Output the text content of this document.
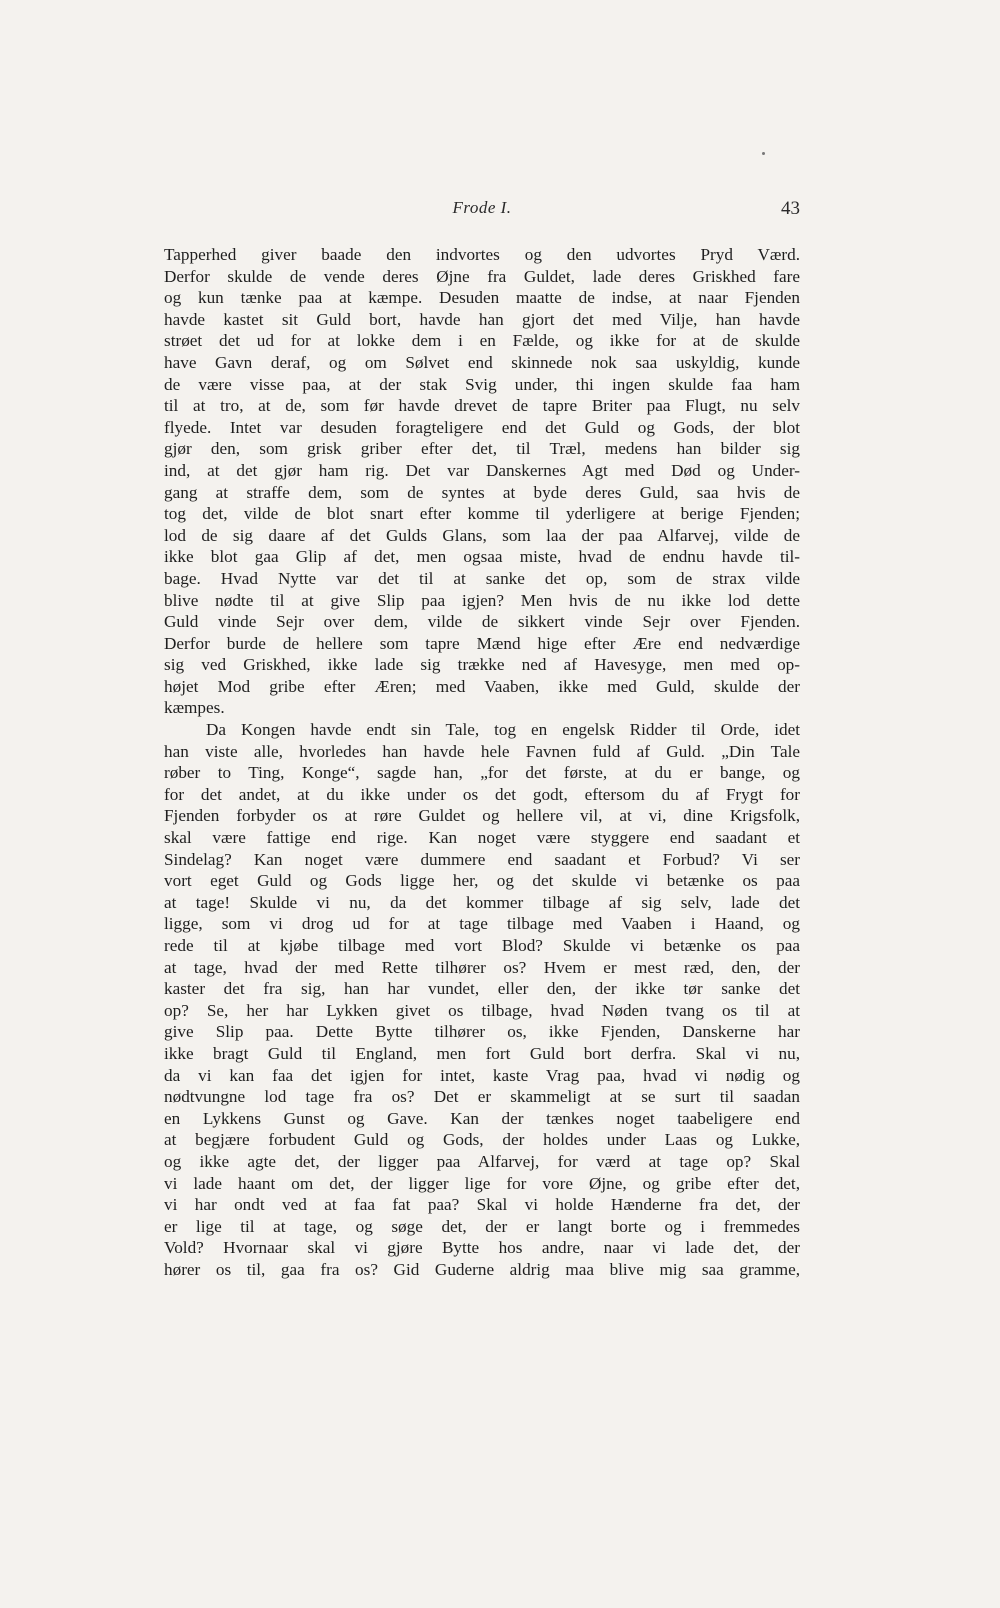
Frode I.	43
Tapperhed giver baade den indvortes og den udvortes Pryd Værd.
Derfor skulde de vende deres Øjne fra Guldet, lade deres Griskhed fare
og kun tænke paa at kæmpe. Desuden maatte de indse, at naar Fjenden
havde kastet sit Guld bort, havde han gjort det med Vilje, han havde
strøet det ud for at lokke dem i en Fælde, og ikke for at de skulde
have Gavn deraf, og om Sølvet end skinnede nok saa uskyldig, kunde
de være visse paa, at der stak Svig under, thi ingen skulde faa ham
til at tro, at de, som før havde drevet de tapre Briter paa Flugt, nu selv
flyede. Intet var desuden foragteligere end det Guld og Gods, der blot
gjør den, som grisk griber efter det, til Træl, medens han bilder sig
ind, at det gjør ham rig. Det var Danskernes Agt med Død og Under-
gang at straffe dem, som de syntes at byde deres Guld, saa hvis de
tog det, vilde de blot snart efter komme til yderligere at berige Fjenden;
lod de sig daare af det Gulds Glans, som laa der paa Alfarvej, vilde de
ikke blot gaa Glip af det, men ogsaa miste, hvad de endnu havde til-
bage. Hvad Nytte var det til at sanke det op, som de strax vilde
blive nødte til at give Slip paa igjen? Men hvis de nu ikke lod dette
Guld vinde Sejr over dem, vilde de sikkert vinde Sejr over Fjenden.
Derfor burde de hellere som tapre Mænd hige efter Ære end nedværdige
sig ved Griskhed, ikke lade sig trække ned af Havesyge, men med op-
højet Mod gribe efter Æren; med Vaaben, ikke med Guld, skulde der
kæmpes.
Da Kongen havde endt sin Tale, tog en engelsk Ridder til Orde, idet
han viste alle, hvorledes han havde hele Favnen fuld af Guld. „Din Tale
røber to Ting, Konge“, sagde han, „for det første, at du er bange, og
for det andet, at du ikke under os det godt, eftersom du af Frygt for
Fjenden forbyder os at røre Guldet og hellere vil, at vi, dine Krigsfolk,
skal være fattige end rige. Kan noget være styggere end saadant et
Sindelag? Kan noget være dummere end saadant et Forbud? Vi ser
vort eget Guld og Gods ligge her, og det skulde vi betænke os paa
at tage! Skulde vi nu, da det kommer tilbage af sig selv, lade det
ligge, som vi drog ud for at tage tilbage med Vaaben i Haand, og
rede til at kjøbe tilbage med vort Blod? Skulde vi betænke os paa
at tage, hvad der med Rette tilhører os? Hvem er mest ræd, den, der
kaster det fra sig, han har vundet, eller den, der ikke tør sanke det
op? Se, her har Lykken givet os tilbage, hvad Nøden tvang os til at
give Slip paa. Dette Bytte tilhører os, ikke Fjenden, Danskerne har
ikke bragt Guld til England, men fort Guld bort derfra. Skal vi nu,
da vi kan faa det igjen for intet, kaste Vrag paa, hvad vi nødig og
nødtvungne lod tage fra os? Det er skammeligt at se surt til saadan
en Lykkens Gunst og Gave. Kan der tænkes noget taabeligere end
at begjære forbudent Guld og Gods, der holdes under Laas og Lukke,
og ikke agte det, der ligger paa Alfarvej, for værd at tage op? Skal
vi lade haant om det, der ligger lige for vore Øjne, og gribe efter det,
vi har ondt ved at faa fat paa? Skal vi holde Hænderne fra det, der
er lige til at tage, og søge det, der er langt borte og i fremmedes
Vold? Hvornaar skal vi gjøre Bytte hos andre, naar vi lade det, der
hører os til, gaa fra os? Gid Guderne aldrig maa blive mig saa gramme,
